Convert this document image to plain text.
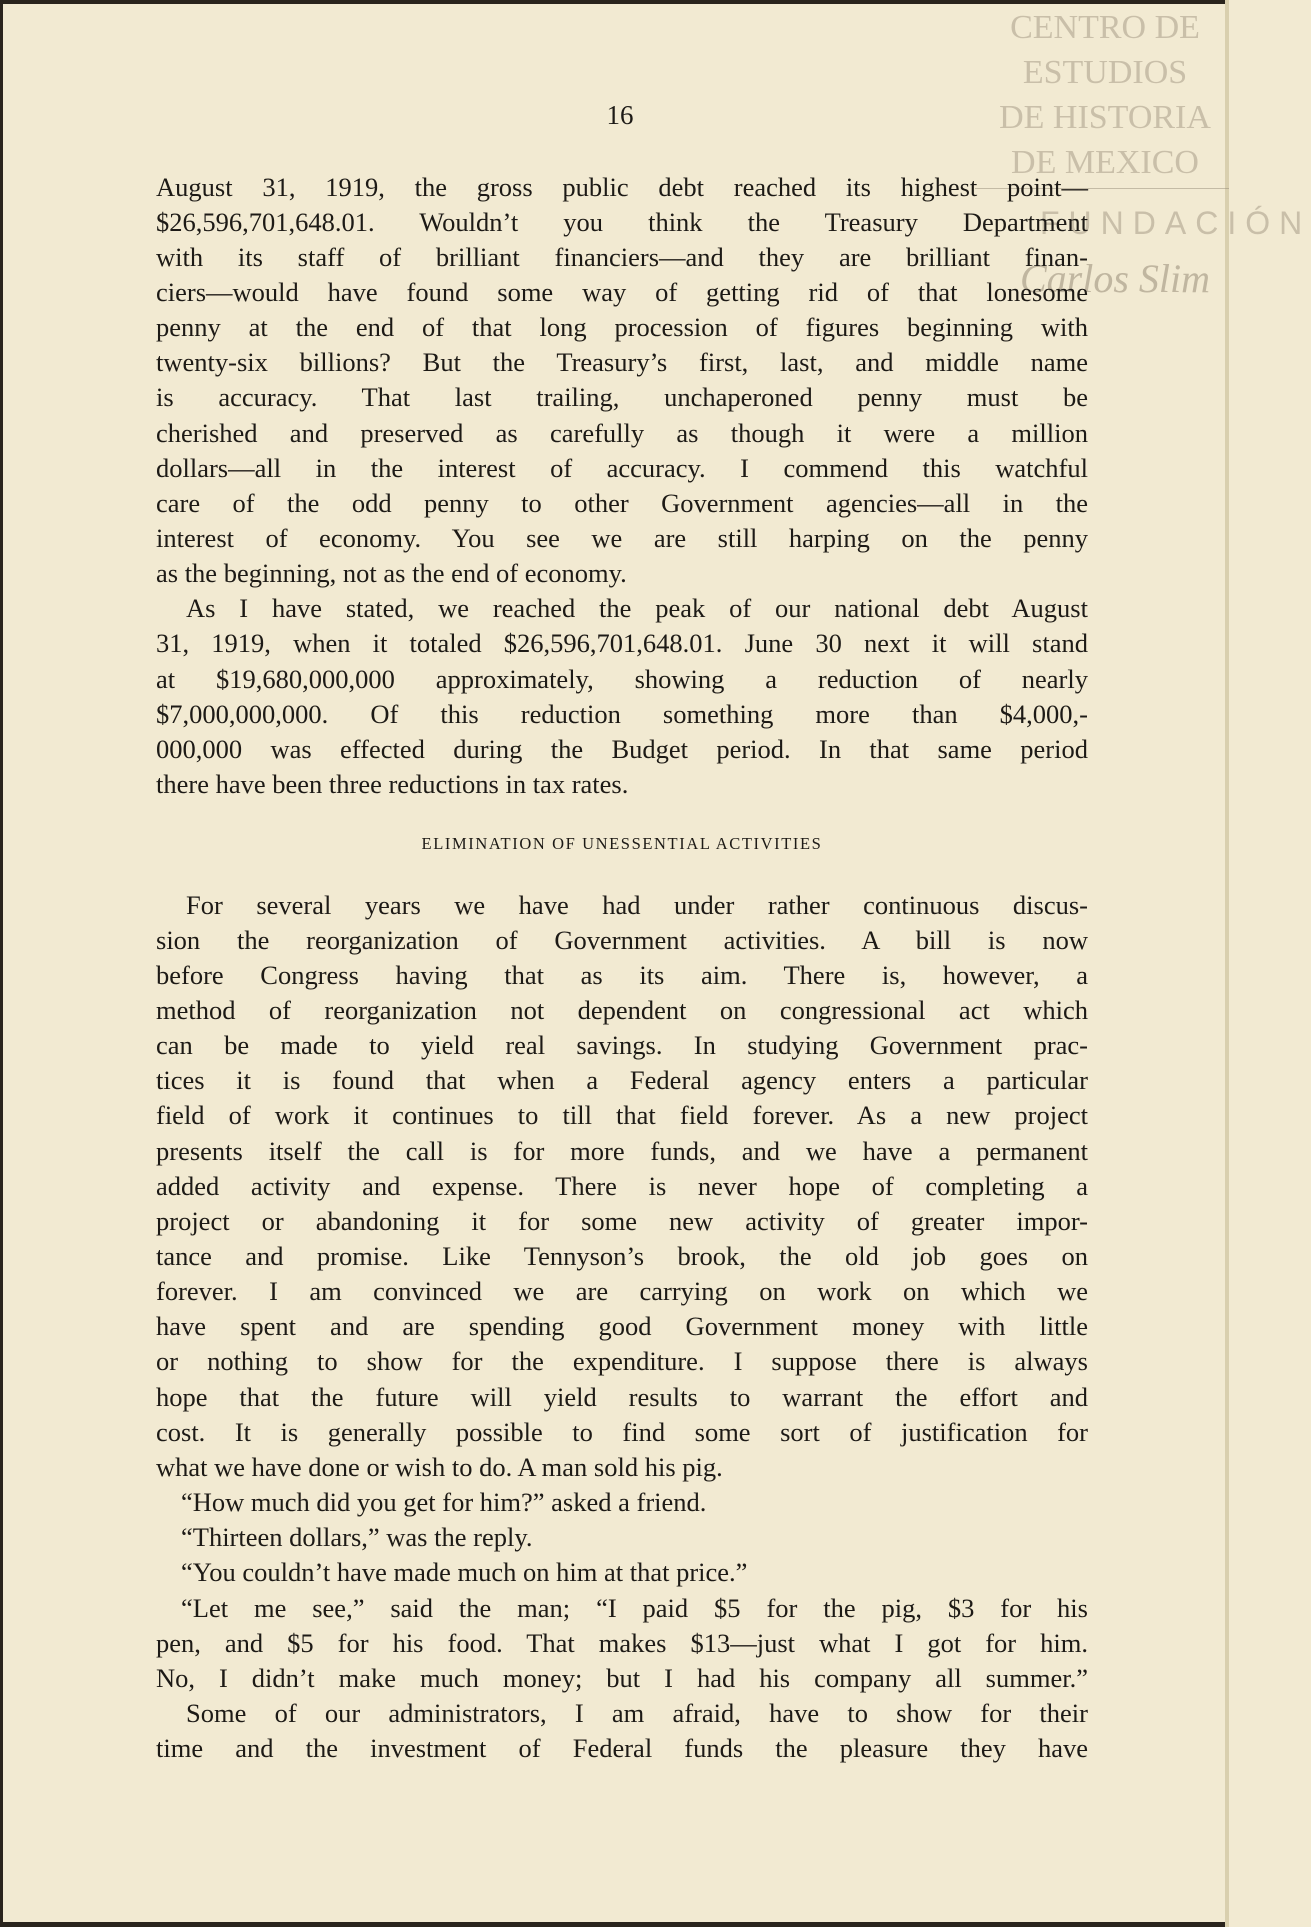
CENTRO DE
ESTUDIOS
DE HISTORIA
DE MEXICO
FUNDACIÓN
Carlos Slim
16
August 31, 1919, the gross public debt reached its highest point—
$26,596,701,648.01. Wouldn’t you think the Treasury Department
with its staff of brilliant financiers—and they are brilliant finan-
ciers—would have found some way of getting rid of that lonesome
penny at the end of that long procession of figures beginning with
twenty-six billions? But the Treasury’s first, last, and middle name
is accuracy. That last trailing, unchaperoned penny must be
cherished and preserved as carefully as though it were a million
dollars—all in the interest of accuracy. I commend this watchful
care of the odd penny to other Government agencies—all in the
interest of economy. You see we are still harping on the penny
as the beginning, not as the end of economy.
As I have stated, we reached the peak of our national debt August
31, 1919, when it totaled $26,596,701,648.01. June 30 next it will stand
at $19,680,000,000 approximately, showing a reduction of nearly
$7,000,000,000. Of this reduction something more than $4,000,-
000,000 was effected during the Budget period. In that same period
there have been three reductions in tax rates.
ELIMINATION OF UNESSENTIAL ACTIVITIES
For several years we have had under rather continuous discus-
sion the reorganization of Government activities. A bill is now
before Congress having that as its aim. There is, however, a
method of reorganization not dependent on congressional act which
can be made to yield real savings. In studying Government prac-
tices it is found that when a Federal agency enters a particular
field of work it continues to till that field forever. As a new project
presents itself the call is for more funds, and we have a permanent
added activity and expense. There is never hope of completing a
project or abandoning it for some new activity of greater impor-
tance and promise. Like Tennyson’s brook, the old job goes on
forever. I am convinced we are carrying on work on which we
have spent and are spending good Government money with little
or nothing to show for the expenditure. I suppose there is always
hope that the future will yield results to warrant the effort and
cost. It is generally possible to find some sort of justification for
what we have done or wish to do. A man sold his pig.
“How much did you get for him?” asked a friend.
“Thirteen dollars,” was the reply.
“You couldn’t have made much on him at that price.”
“Let me see,” said the man; “I paid $5 for the pig, $3 for his
pen, and $5 for his food. That makes $13—just what I got for him.
No, I didn’t make much money; but I had his company all summer.”
Some of our administrators, I am afraid, have to show for their
time and the investment of Federal funds the pleasure they have
